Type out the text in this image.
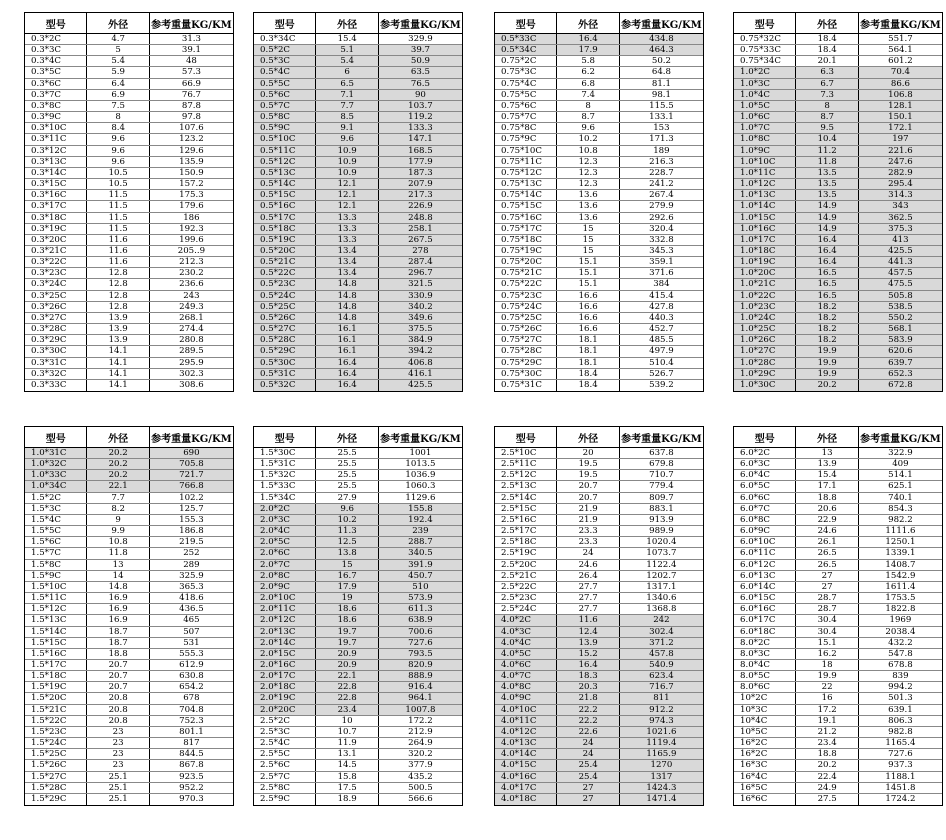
型号	外径	参考重量KG/KM
0.3*2C	4.7	31.3
0.3*3C	5	39.1
0.3*4C	5.4	48
0.3*5C	5.9	57.3
0.3*6C	6.4	66.9
0.3*7C	6.9	76.7
0.3*8C	7.5	87.8
0.3*9C	8	97.8
0.3*10C	8.4	107.6
0.3*11C	9.6	123.2
0.3*12C	9.6	129.6
0.3*13C	9.6	135.9
0.3*14C	10.5	150.9
0.3*15C	10.5	157.2
0.3*16C	11.5	175.3
0.3*17C	11.5	179.6
0.3*18C	11.5	186
0.3*19C	11.5	192.3
0.3*20C	11.6	199.6
0.3*21C	11.6	205..9
0.3*22C	11.6	212.3
0.3*23C	12.8	230.2
0.3*24C	12.8	236.6
0.3*25C	12.8	243
0.3*26C	12.8	249.3
0.3*27C	13.9	268.1
0.3*28C	13.9	274.4
0.3*29C	13.9	280.8
0.3*30C	14.1	289.5
0.3*31C	14.1	295.9
0.3*32C	14.1	302.3
0.3*33C	14.1	308.6
型号	外径	参考重量KG/KM
0.3*34C	15.4	329.9
0.5*2C	5.1	39.7
0.5*3C	5.4	50.9
0.5*4C	6	63.5
0.5*5C	6.5	76.5
0.5*6C	7.1	90
0.5*7C	7.7	103.7
0.5*8C	8.5	119.2
0.5*9C	9.1	133.3
0.5*10C	9.6	147.1
0.5*11C	10.9	168.5
0.5*12C	10.9	177.9
0.5*13C	10.9	187.3
0.5*14C	12.1	207.9
0.5*15C	12.1	217.3
0.5*16C	12.1	226.9
0.5*17C	13.3	248.8
0.5*18C	13.3	258.1
0.5*19C	13.3	267.5
0.5*20C	13.4	278
0.5*21C	13.4	287.4
0.5*22C	13.4	296.7
0.5*23C	14.8	321.5
0.5*24C	14.8	330.9
0.5*25C	14.8	340.2
0.5*26C	14.8	349.6
0.5*27C	16.1	375.5
0.5*28C	16.1	384.9
0.5*29C	16.1	394.2
0.5*30C	16.4	406.8
0.5*31C	16.4	416.1
0.5*32C	16.4	425.5
型号	外径	参考重量KG/KM
0.5*33C	16.4	434.8
0.5*34C	17.9	464.3
0.75*2C	5.8	50.2
0.75*3C	6.2	64.8
0.75*4C	6.8	81.1
0.75*5C	7.4	98.1
0.75*6C	8	115.5
0.75*7C	8.7	133.1
0.75*8C	9.6	153
0.75*9C	10.2	171.3
0.75*10C	10.8	189
0.75*11C	12.3	216.3
0.75*12C	12.3	228.7
0.75*13C	12.3	241.2
0.75*14C	13.6	267.4
0.75*15C	13.6	279.9
0.75*16C	13.6	292.6
0.75*17C	15	320.4
0.75*18C	15	332.8
0.75*19C	15	345.3
0.75*20C	15.1	359.1
0.75*21C	15.1	371.6
0.75*22C	15.1	384
0.75*23C	16.6	415.4
0.75*24C	16.6	427.8
0.75*25C	16.6	440.3
0.75*26C	16.6	452.7
0.75*27C	18.1	485.5
0.75*28C	18.1	497.9
0.75*29C	18.1	510.4
0.75*30C	18.4	526.7
0.75*31C	18.4	539.2
型号	外径	参考重量KG/KM
0.75*32C	18.4	551.7
0.75*33C	18.4	564.1
0.75*34C	20.1	601.2
1.0*2C	6.3	70.4
1.0*3C	6.7	86.6
1.0*4C	7.3	106.8
1.0*5C	8	128.1
1.0*6C	8.7	150.1
1.0*7C	9.5	172.1
1.0*8C	10.4	197
1.0*9C	11.2	221.6
1.0*10C	11.8	247.6
1.0*11C	13.5	282.9
1.0*12C	13.5	295.4
1.0*13C	13.5	314.3
1.0*14C	14.9	343
1.0*15C	14.9	362.5
1.0*16C	14.9	375.3
1.0*17C	16.4	413
1.0*18C	16.4	425.5
1.0*19C	16.4	441.3
1.0*20C	16.5	457.5
1.0*21C	16.5	475.5
1.0*22C	16.5	505.8
1.0*23C	18.2	538.5
1.0*24C	18.2	550.2
1.0*25C	18.2	568.1
1.0*26C	18.2	583.9
1.0*27C	19.9	620.6
1.0*28C	19.9	639.7
1.0*29C	19.9	652.3
1.0*30C	20.2	672.8
型号	外径	参考重量KG/KM
1.0*31C	20.2	690
1.0*32C	20.2	705.8
1.0*33C	20.2	721.7
1.0*34C	22.1	766.8
1.5*2C	7.7	102.2
1.5*3C	8.2	125.7
1.5*4C	9	155.3
1.5*5C	9.9	186.8
1.5*6C	10.8	219.5
1.5*7C	11.8	252
1.5*8C	13	289
1.5*9C	14	325.9
1.5*10C	14.8	365.3
1.5*11C	16.9	418.6
1.5*12C	16.9	436.5
1.5*13C	16.9	465
1.5*14C	18.7	507
1.5*15C	18.7	531
1.5*16C	18.8	555.3
1.5*17C	20.7	612.9
1.5*18C	20.7	630.8
1.5*19C	20.7	654.2
1.5*20C	20.8	678
1.5*21C	20.8	704.8
1.5*22C	20.8	752.3
1.5*23C	23	801.1
1.5*24C	23	817
1.5*25C	23	844.5
1.5*26C	23	867.8
1.5*27C	25.1	923.5
1.5*28C	25.1	952.2
1.5*29C	25.1	970.3
型号	外径	参考重量KG/KM
1.5*30C	25.5	1001
1.5*31C	25.5	1013.5
1.5*32C	25.5	1036.9
1.5*33C	25.5	1060.3
1.5*34C	27.9	1129.6
2.0*2C	9.6	155.8
2.0*3C	10.2	192.4
2.0*4C	11.3	239
2.0*5C	12.5	288.7
2.0*6C	13.8	340.5
2.0*7C	15	391.9
2.0*8C	16.7	450.7
2.0*9C	17.9	510
2.0*10C	19	573.9
2.0*11C	18.6	611.3
2.0*12C	18.6	638.9
2.0*13C	19.7	700.6
2.0*14C	19.7	727.6
2.0*15C	20.9	793.5
2.0*16C	20.9	820.9
2.0*17C	22.1	888.9
2.0*18C	22.8	916.4
2.0*19C	22.8	964.1
2.0*20C	23.4	1007.8
2.5*2C	10	172.2
2.5*3C	10.7	212.9
2.5*4C	11.9	264.9
2.5*5C	13.1	320.2
2.5*6C	14.5	377.9
2.5*7C	15.8	435.2
2.5*8C	17.5	500.5
2.5*9C	18.9	566.6
型号	外径	参考重量KG/KM
2.5*10C	20	637.8
2.5*11C	19.5	679.8
2.5*12C	19.5	710.7
2.5*13C	20.7	779.4
2.5*14C	20.7	809.7
2.5*15C	21.9	883.1
2.5*16C	21.9	913.9
2.5*17C	23.3	989.9
2.5*18C	23.3	1020.4
2.5*19C	24	1073.7
2.5*20C	24.6	1122.4
2.5*21C	26.4	1202.7
2.5*22C	27.7	1317.1
2.5*23C	27.7	1340.6
2.5*24C	27.7	1368.8
4.0*2C	11.6	242
4.0*3C	12.4	302.4
4.0*4C	13.9	371.2
4.0*5C	15.2	457.8
4.0*6C	16.4	540.9
4.0*7C	18.3	623.4
4.0*8C	20.3	716.7
4.0*9C	21.8	811
4.0*10C	22.2	912.2
4.0*11C	22.2	974.3
4.0*12C	22.6	1021.6
4.0*13C	24	1119.4
4.0*14C	24	1165.9
4.0*15C	25.4	1270
4.0*16C	25.4	1317
4.0*17C	27	1424.3
4.0*18C	27	1471.4
型号	外径	参考重量KG/KM
6.0*2C	13	322.9
6.0*3C	13.9	409
6.0*4C	15.4	514.1
6.0*5C	17.1	625.1
6.0*6C	18.8	740.1
6.0*7C	20.6	854.3
6.0*8C	22.9	982.2
6.0*9C	24.6	1111.6
6.0*10C	26.1	1250.1
6.0*11C	26.5	1339.1
6.0*12C	26.5	1408.7
6.0*13C	27	1542.9
6.0*14C	27	1611.4
6.0*15C	28.7	1753.5
6.0*16C	28.7	1822.8
6.0*17C	30.4	1969
6.0*18C	30.4	2038.4
8.0*2C	15.1	432.2
8.0*3C	16.2	547.8
8.0*4C	18	678.8
8.0*5C	19.9	839
8.0*6C	22	994.2
10*2C	16	501.3
10*3C	17.2	639.1
10*4C	19.1	806.3
10*5C	21.2	982.8
16*2C	23.4	1165.4
16*2C	18.8	727.6
16*3C	20.2	937.3
16*4C	22.4	1188.1
16*5C	24.9	1451.8
16*6C	27.5	1724.2
